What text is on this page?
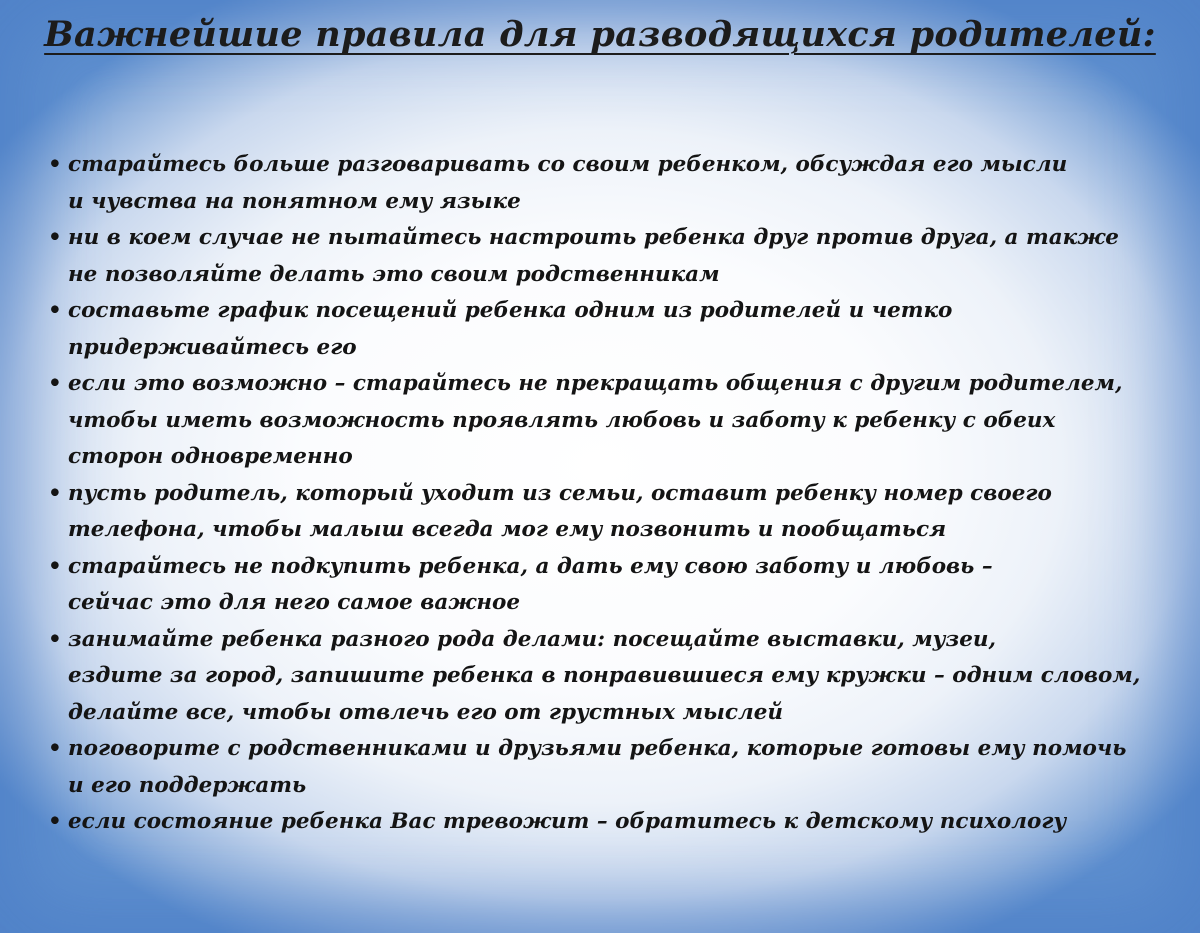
Важнейшие правила для разводящихся родителей:
• старайтесь больше разговаривать со своим ребенком, обсуждая его мысли
и чувства на понятном ему языке
• ни в коем случае не пытайтесь настроить ребенка друг против друга, а также
не позволяйте делать это своим родственникам
• составьте график посещений ребенка одним из родителей и четко
придерживайтесь его
• если это возможно – старайтесь не прекращать общения с другим родителем,
чтобы иметь возможность проявлять любовь и заботу к ребенку с обеих
сторон одновременно
• пусть родитель, который уходит из семьи, оставит ребенку номер своего
телефона, чтобы малыш всегда мог ему позвонить и пообщаться
• старайтесь не подкупить ребенка, а дать ему свою заботу и любовь –
сейчас это для него самое важное
• занимайте ребенка разного рода делами: посещайте выставки, музеи,
ездите за город, запишите ребенка в понравившиеся ему кружки – одним словом,
делайте все, чтобы отвлечь его от грустных мыслей
• поговорите с родственниками и друзьями ребенка, которые готовы ему помочь
и его поддержать
• если состояние ребенка Вас тревожит – обратитесь к детскому психологу
